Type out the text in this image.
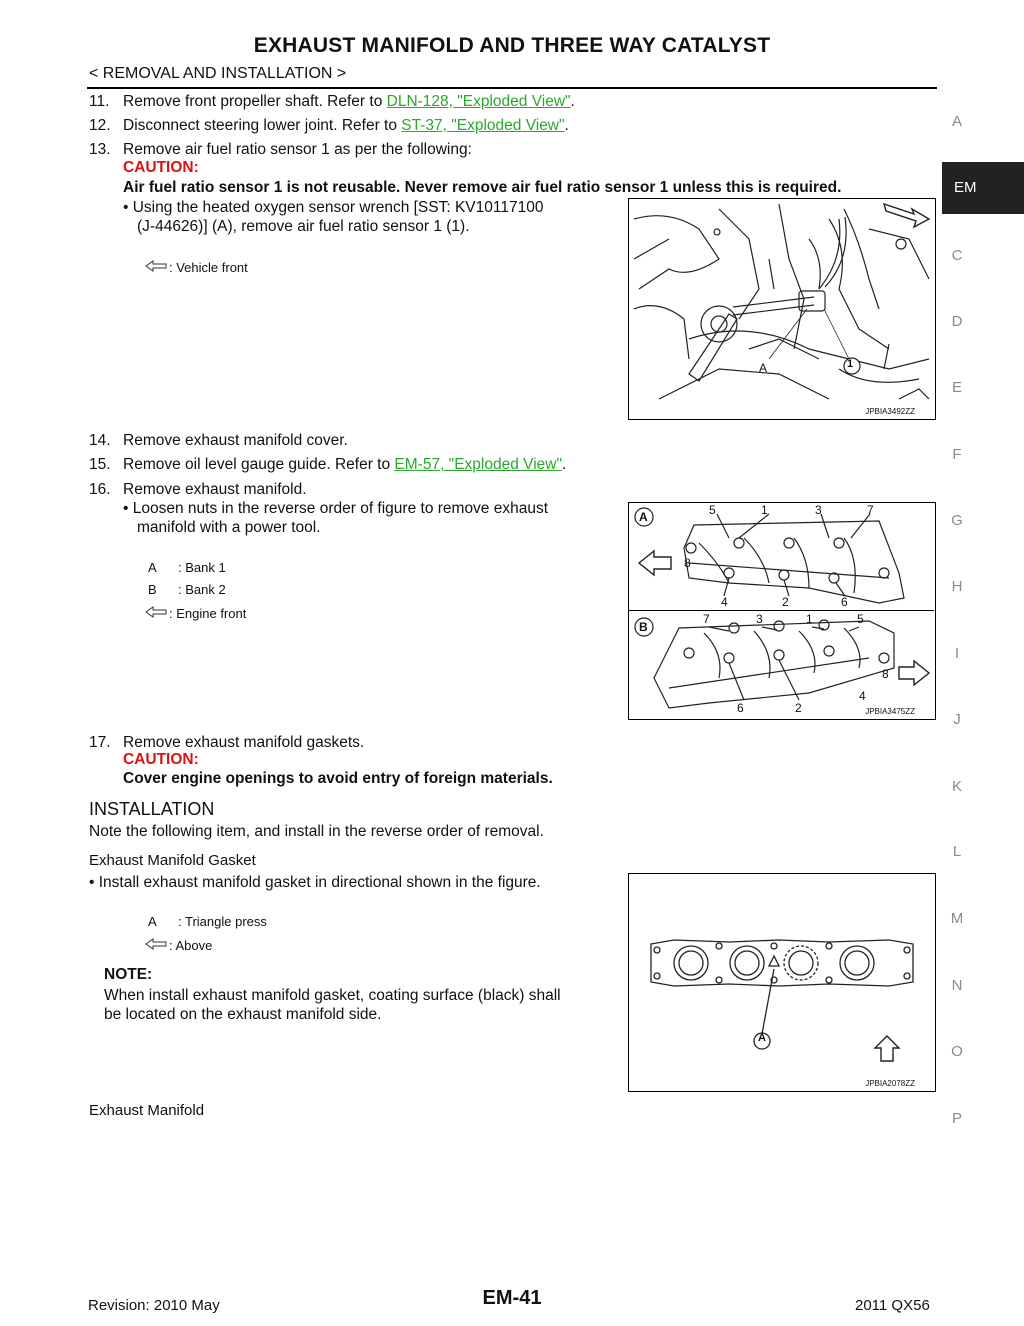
EXHAUST MANIFOLD AND THREE WAY CATALYST
< REMOVAL AND INSTALLATION >
11. Remove front propeller shaft. Refer to DLN-128, "Exploded View".
12. Disconnect steering lower joint. Refer to ST-37, "Exploded View".
13. Remove air fuel ratio sensor 1 as per the following:
CAUTION:
Air fuel ratio sensor 1 is not reusable. Never remove air fuel ratio sensor 1 unless this is required.
• Using the heated oxygen sensor wrench [SST: KV10117100
(J-44626)] (A), remove air fuel ratio sensor 1 (1).
: Vehicle front
A	1
JPBIA3492ZZ
14. Remove exhaust manifold cover.
15. Remove oil level gauge guide. Refer to EM-57, "Exploded View".
16. Remove exhaust manifold.
• Loosen nuts in the reverse order of figure to remove exhaust
manifold with a power tool.
A : Bank 1
B : Bank 2
: Engine front
A
B
5	1	3	7
8
4	2	6
7	3	1	5
8
4
6	2	JPBIA3475ZZ
17. Remove exhaust manifold gaskets.
CAUTION:
Cover engine openings to avoid entry of foreign materials.
INSTALLATION
Note the following item, and install in the reverse order of removal.
Exhaust Manifold Gasket
• Install exhaust manifold gasket in directional shown in the figure.
A : Triangle press
: Above
NOTE:
When install exhaust manifold gasket, coating surface (black) shall
be located on the exhaust manifold side.
A
JPBIA2078ZZ
Exhaust Manifold
A
EM
C
D
E
F
G
H
I
J
K
L
M
N
O
P
Revision: 2010 May	EM-41	2011 QX56
